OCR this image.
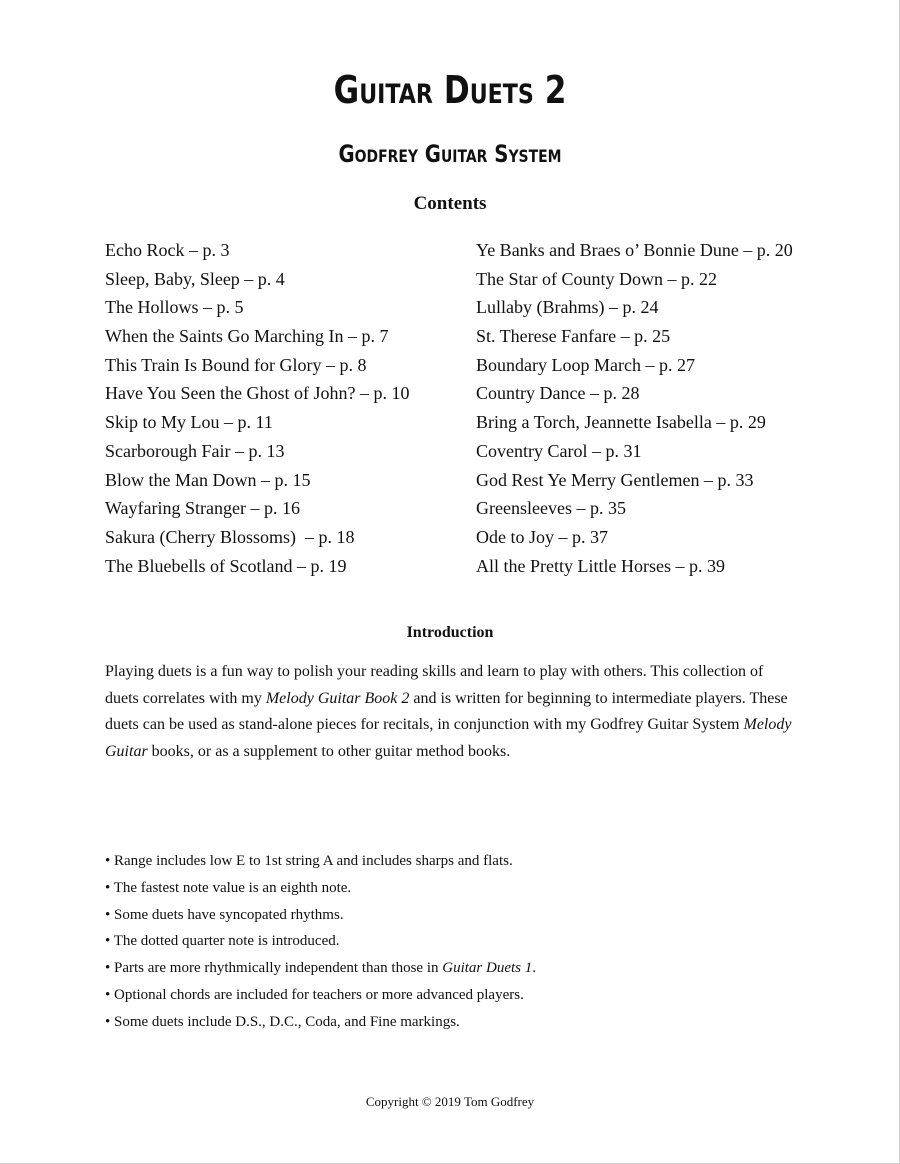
Guitar Duets 2
Godfrey Guitar System
Contents
Echo Rock – p. 3
Sleep, Baby, Sleep – p. 4
The Hollows – p. 5
When the Saints Go Marching In – p. 7
This Train Is Bound for Glory – p. 8
Have You Seen the Ghost of John? – p. 10
Skip to My Lou – p. 11
Scarborough Fair – p. 13
Blow the Man Down – p. 15
Wayfaring Stranger – p. 16
Sakura (Cherry Blossoms)  – p. 18
The Bluebells of Scotland – p. 19
Ye Banks and Braes o’ Bonnie Dune – p. 20
The Star of County Down – p. 22
Lullaby (Brahms) – p. 24
St. Therese Fanfare – p. 25
Boundary Loop March – p. 27
Country Dance – p. 28
Bring a Torch, Jeannette Isabella – p. 29
Coventry Carol – p. 31
God Rest Ye Merry Gentlemen – p. 33
Greensleeves – p. 35
Ode to Joy – p. 37
All the Pretty Little Horses – p. 39
Introduction

Playing duets is a fun way to polish your reading skills and learn to play with others. This collection of duets correlates with my Melody Guitar Book 2 and is written for beginning to intermediate players. These duets can be used as stand-alone pieces for recitals, in conjunction with my Godfrey Guitar System Melody Guitar books, or as a supplement to other guitar method books.

• Range includes low E to 1st string A and includes sharps and flats.
• The fastest note value is an eighth note.
• Some duets have syncopated rhythms.
• The dotted quarter note is introduced.
• Parts are more rhythmically independent than those in Guitar Duets 1.
• Optional chords are included for teachers or more advanced players.
• Some duets include D.S., D.C., Coda, and Fine markings.
Copyright © 2019 Tom Godfrey
